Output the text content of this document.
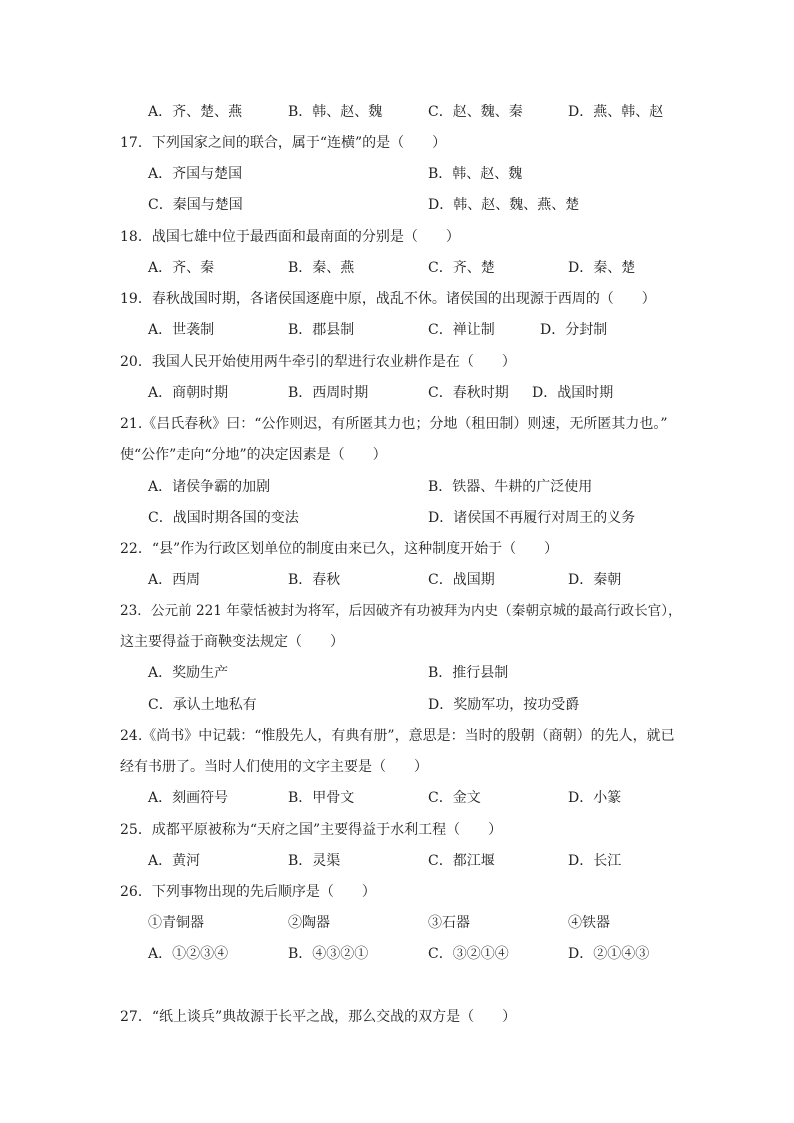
A．齐、楚、燕	B．韩、赵、魏	C．赵、魏、秦	D．燕、韩、赵
17．下列国家之间的联合，属于“连横”的是（　　）
A．齐国与楚国	B．韩、赵、魏
C．秦国与楚国	D．韩、赵、魏、燕、楚
18．战国七雄中位于最西面和最南面的分别是（　　）
A．齐、秦	B．秦、燕	C．齐、楚	D．秦、楚
19．春秋战国时期，各诸侯国逐鹿中原，战乱不休。诸侯国的出现源于西周的（　　）
A．世袭制	B．郡县制	C．禅让制	D．分封制
20．我国人民开始使用两牛牵引的犁进行农业耕作是在（　　）
A．商朝时期	B．西周时期	C．春秋时期 D．战国时期
21.《吕氏春秋》曰：“公作则迟，有所匿其力也；分地（租田制）则速，无所匿其力也。”
使“公作”走向“分地”的决定因素是（　　）
A．诸侯争霸的加剧	B．铁器、牛耕的广泛使用
C．战国时期各国的变法	D．诸侯国不再履行对周王的义务
22．“县”作为行政区划单位的制度由来已久，这种制度开始于（　　）
A．西周	B．春秋	C．战国期	D．秦朝
23．公元前 221 年蒙恬被封为将军，后因破齐有功被拜为内史（秦朝京城的最高行政长官），
这主要得益于商鞅变法规定（　　）
A．奖励生产	B．推行县制
C．承认土地私有	D．奖励军功，按功受爵
24.《尚书》中记载：“惟殷先人，有典有册”，意思是：当时的殷朝（商朝）的先人，就已
经有书册了。当时人们使用的文字主要是（　　）
A．刻画符号	B．甲骨文	C．金文	D．小篆
25．成都平原被称为“天府之国”主要得益于水利工程（　　）
A．黄河	B．灵渠	C．都江堰	D．长江
26．下列事物出现的先后顺序是（　　）
①青铜器	②陶器	③石器	④铁器
A．①②③④	B．④③②①	C．③②①④	D．②①④③
27．“纸上谈兵”典故源于长平之战，那么交战的双方是（　　）
